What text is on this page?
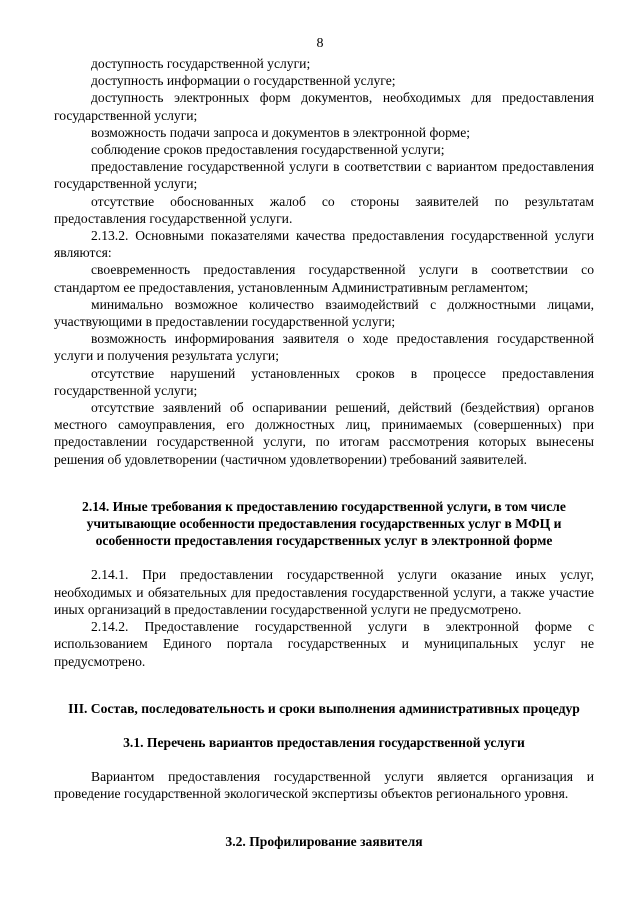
8

доступность государственной услуги;

доступность информации о государственной услуге;

доступность электронных форм документов, необходимых для предоставления государственной услуги;

возможность подачи запроса и документов в электронной форме;

соблюдение сроков предоставления государственной услуги;

предоставление государственной услуги в соответствии с вариантом предоставления государственной услуги;

отсутствие обоснованных жалоб со стороны заявителей по результатам предоставления государственной услуги.

2.13.2. Основными показателями качества предоставления государственной услуги являются:

своевременность предоставления государственной услуги в соответствии со стандартом ее предоставления, установленным Административным регламентом;

минимально возможное количество взаимодействий с должностными лицами, участвующими в предоставлении государственной услуги;

возможность информирования заявителя о ходе предоставления государственной услуги и получения результата услуги;

отсутствие нарушений установленных сроков в процессе предоставления государственной услуги;

отсутствие заявлений об оспаривании решений, действий (бездействия) органов местного самоуправления, его должностных лиц, принимаемых (совершенных) при предоставлении государственной услуги, по итогам рассмотрения которых вынесены решения об удовлетворении (частичном удовлетворении) требований заявителей.

2.14. Иные требования к предоставлению государственной услуги, в том числе учитывающие особенности предоставления государственных услуг в МФЦ и особенности предоставления государственных услуг в электронной форме

2.14.1. При предоставлении государственной услуги оказание иных услуг, необходимых и обязательных для предоставления государственной услуги, а также участие иных организаций в предоставлении государственной услуги не предусмотрено.

2.14.2. Предоставление государственной услуги в электронной форме с использованием Единого портала государственных и муниципальных услуг не предусмотрено.

III. Состав, последовательность и сроки выполнения административных процедур

3.1. Перечень вариантов предоставления государственной услуги

Вариантом предоставления государственной услуги является организация и проведение государственной экологической экспертизы объектов регионального уровня.

3.2. Профилирование заявителя
